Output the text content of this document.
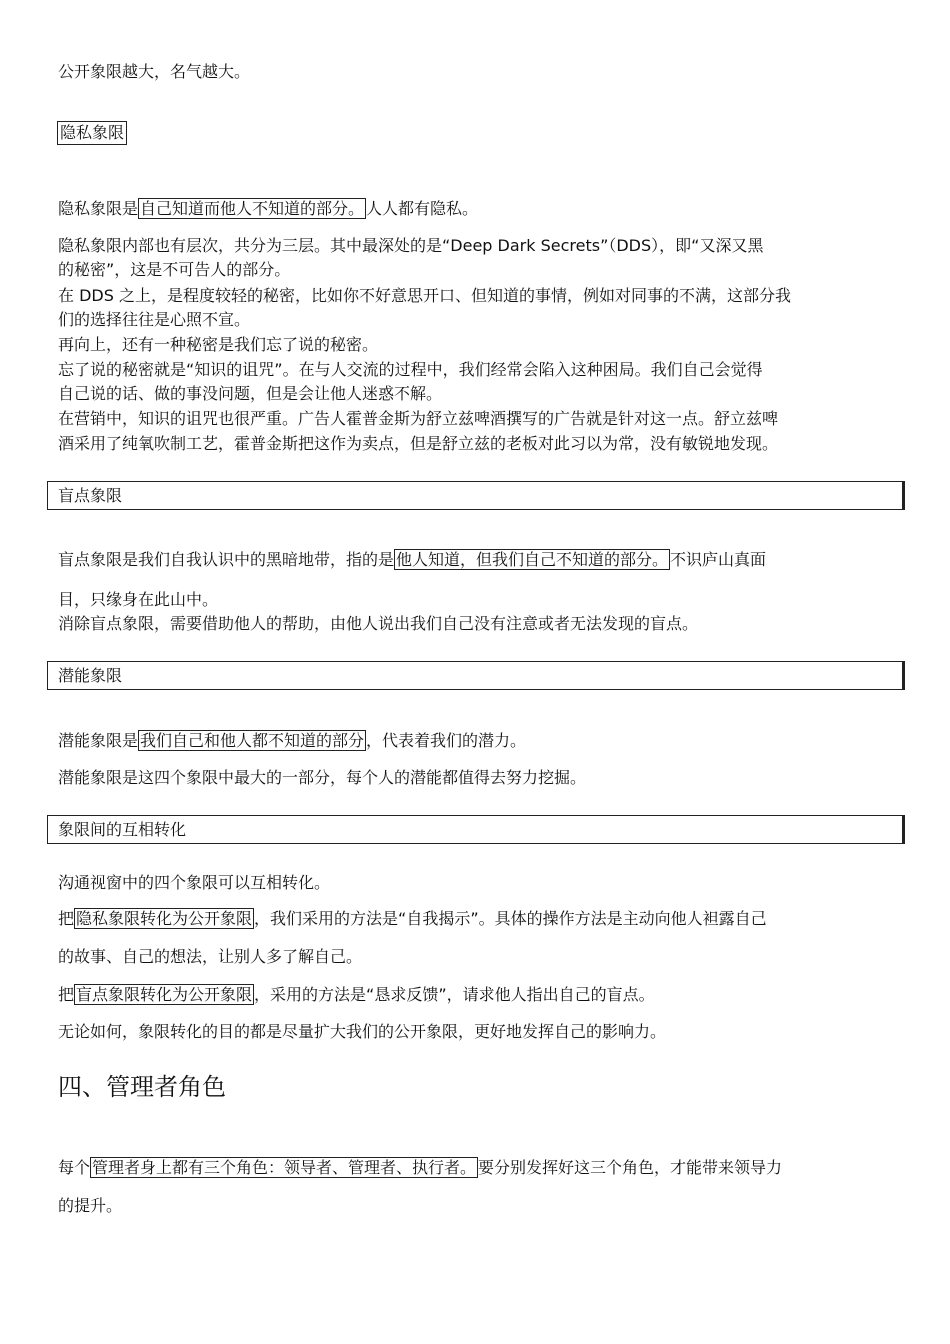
公开象限越大，名气越大。
隐私象限
隐私象限是 自己知道而他人不知道的部分。 人人都有隐私。
隐私象限内部也有层次，共分为三层。其中最深处的是“Deep Dark Secrets”（DDS），即“又深又黑
的秘密”，这是不可告人的部分。
在 DDS 之上，是程度较轻的秘密，比如你不好意思开口、但知道的事情，例如对同事的不满，这部分我
们的选择往往是心照不宣。
再向上，还有一种秘密是我们忘了说的秘密。
忘了说的秘密就是“知识的诅咒”。在与人交流的过程中，我们经常会陷入这种困局。我们自己会觉得
自己说的话、做的事没问题，但是会让他人迷惑不解。
在营销中，知识的诅咒也很严重。广告人霍普金斯为舒立兹啤酒撰写的广告就是针对这一点。舒立兹啤
酒采用了纯氧吹制工艺，霍普金斯把这作为卖点，但是舒立兹的老板对此习以为常，没有敏锐地发现。
盲点象限
盲点象限是我们自我认识中的黑暗地带，指的是 他人知道，但我们自己不知道的部分。 不识庐山真面
目，只缘身在此山中。
消除盲点象限，需要借助他人的帮助，由他人说出我们自己没有注意或者无法发现的盲点。
潜能象限
潜能象限是 我们自己和他人都不知道的部分 ，代表着我们的潜力。
潜能象限是这四个象限中最大的一部分，每个人的潜能都值得去努力挖掘。
象限间的互相转化
沟通视窗中的四个象限可以互相转化。
把 隐私象限转化为公开象限 ，我们采用的方法是“自我揭示”。具体的操作方法是主动向他人袒露自己
的故事、自己的想法，让别人多了解自己。
把 盲点象限转化为公开象限 ，采用的方法是“恳求反馈”，请求他人指出自己的盲点。
无论如何，象限转化的目的都是尽量扩大我们的公开象限，更好地发挥自己的影响力。
四、管理者角色
每个 管理者身上都有三个角色：领导者、管理者、执行者。 要分别发挥好这三个角色，才能带来领导力
的提升。
